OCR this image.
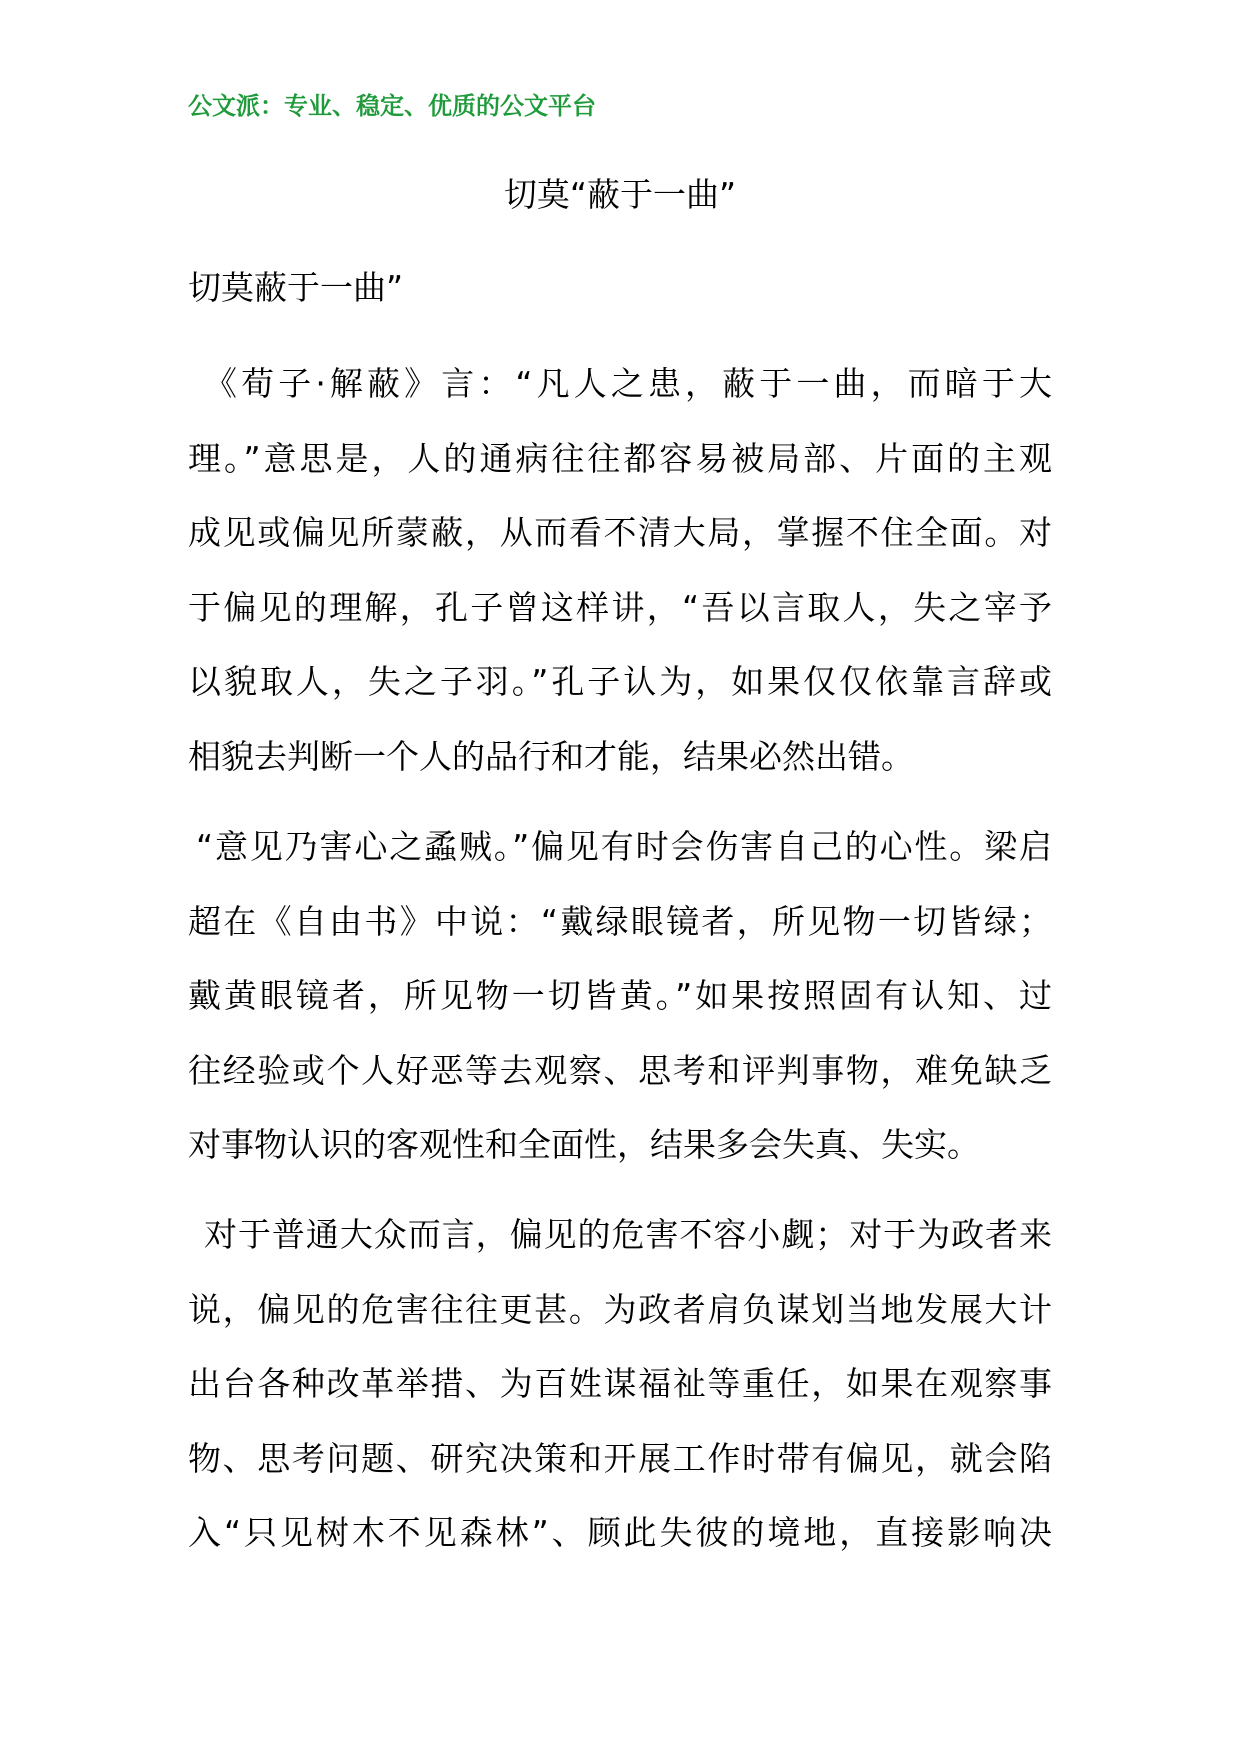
公文派：专业、稳定、优质的公文平台
切莫“蔽于一曲”
切莫蔽于一曲”
《荀子·解蔽》言：“凡人之患，蔽于一曲，而暗于大
理。”意思是，人的通病往往都容易被局部、片面的主观
成见或偏见所蒙蔽，从而看不清大局，掌握不住全面。对
于偏见的理解，孔子曾这样讲，“吾以言取人，失之宰予
以貌取人，失之子羽。”孔子认为，如果仅仅依靠言辞或
相貌去判断一个人的品行和才能，结果必然出错。
“意见乃害心之蟊贼。”偏见有时会伤害自己的心性。梁启
超在《自由书》中说：“戴绿眼镜者，所见物一切皆绿；
戴黄眼镜者，所见物一切皆黄。”如果按照固有认知、过
往经验或个人好恶等去观察、思考和评判事物，难免缺乏
对事物认识的客观性和全面性，结果多会失真、失实。
对于普通大众而言，偏见的危害不容小觑；对于为政者来
说，偏见的危害往往更甚。为政者肩负谋划当地发展大计
出台各种改革举措、为百姓谋福祉等重任，如果在观察事
物、思考问题、研究决策和开展工作时带有偏见，就会陷
入“只见树木不见森林”、顾此失彼的境地，直接影响决
